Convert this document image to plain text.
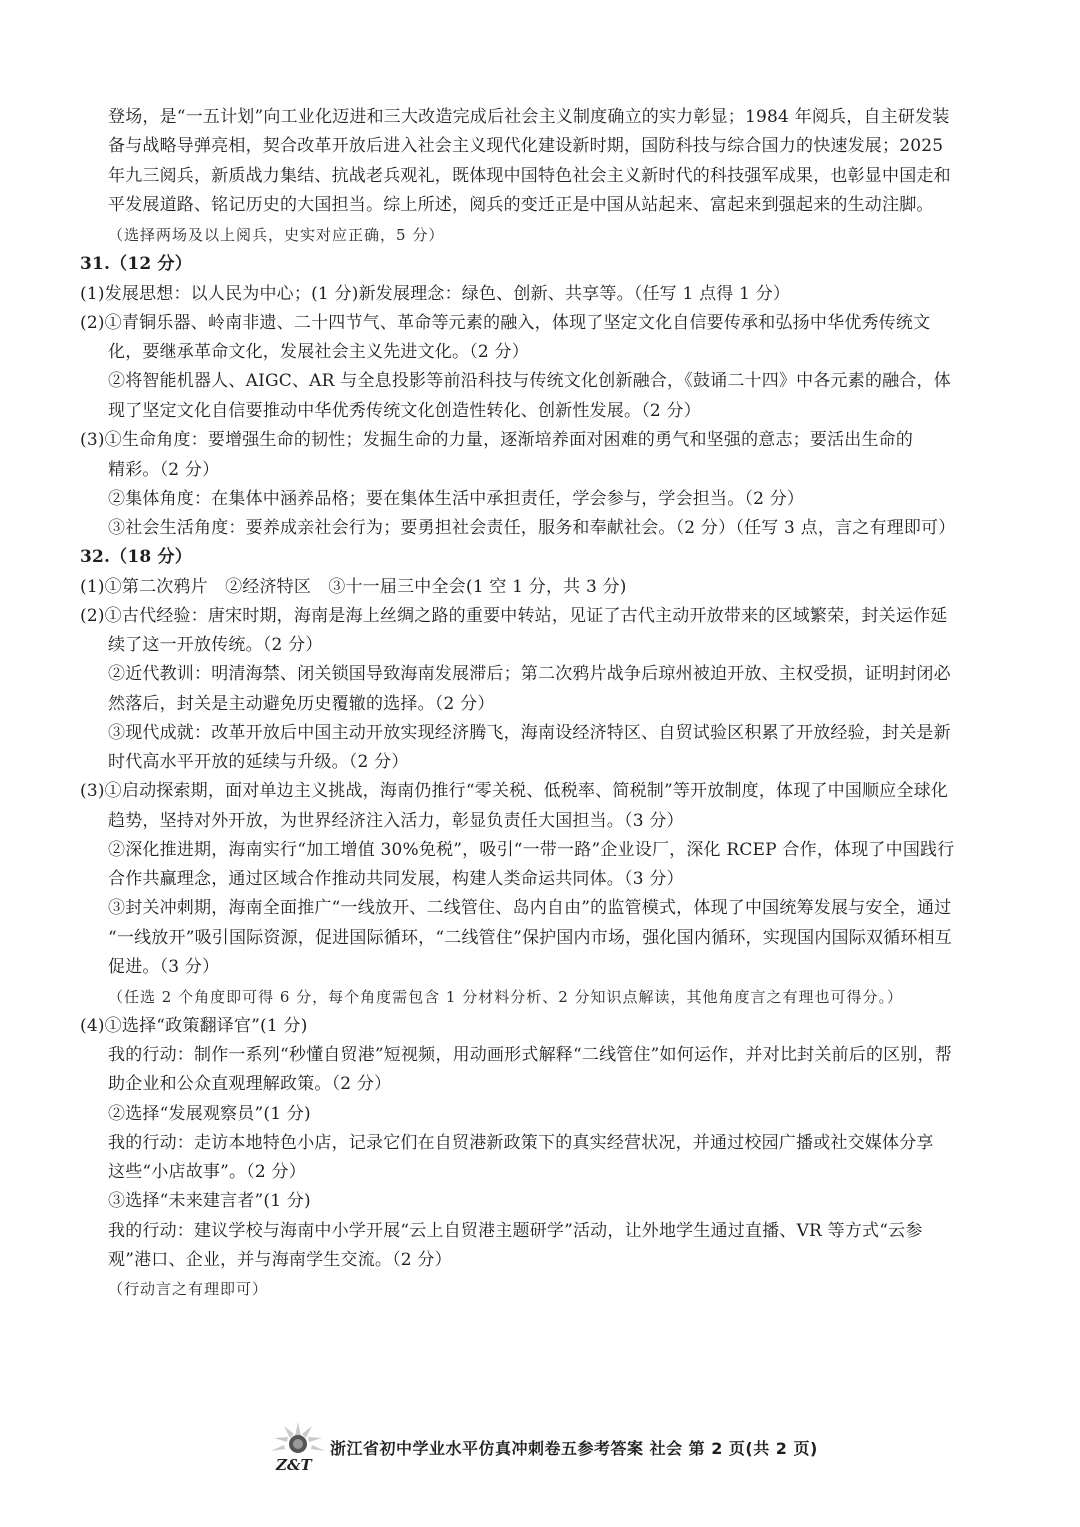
登场，是“一五计划”向工业化迈进和三大改造完成后社会主义制度确立的实力彰显；1984 年阅兵，自主研发装
备与战略导弹亮相，契合改革开放后进入社会主义现代化建设新时期，国防科技与综合国力的快速发展；2025
年九三阅兵，新质战力集结、抗战老兵观礼，既体现中国特色社会主义新时代的科技强军成果，也彰显中国走和
平发展道路、铭记历史的大国担当。综上所述，阅兵的变迁正是中国从站起来、富起来到强起来的生动注脚。
（选择两场及以上阅兵，史实对应正确，5 分）
31.（12 分）
(1)发展思想：以人民为中心；(1 分)新发展理念：绿色、创新、共享等。（任写 1 点得 1 分）
(2)①青铜乐器、岭南非遗、二十四节气、革命等元素的融入，体现了坚定文化自信要传承和弘扬中华优秀传统文
化，要继承革命文化，发展社会主义先进文化。（2 分）
②将智能机器人、AIGC、AR 与全息投影等前沿科技与传统文化创新融合，《鼓诵二十四》中各元素的融合，体
现了坚定文化自信要推动中华优秀传统文化创造性转化、创新性发展。（2 分）
(3)①生命角度：要增强生命的韧性；发掘生命的力量，逐渐培养面对困难的勇气和坚强的意志；要活出生命的
精彩。（2 分）
②集体角度：在集体中涵养品格；要在集体生活中承担责任，学会参与，学会担当。（2 分）
③社会生活角度：要养成亲社会行为；要勇担社会责任，服务和奉献社会。（2 分）（任写 3 点，言之有理即可）
32.（18 分）
(1)①第二次鸦片　②经济特区　③十一届三中全会(1 空 1 分，共 3 分)
(2)①古代经验：唐宋时期，海南是海上丝绸之路的重要中转站，见证了古代主动开放带来的区域繁荣，封关运作延
续了这一开放传统。（2 分）
②近代教训：明清海禁、闭关锁国导致海南发展滞后；第二次鸦片战争后琼州被迫开放、主权受损，证明封闭必
然落后，封关是主动避免历史覆辙的选择。（2 分）
③现代成就：改革开放后中国主动开放实现经济腾飞，海南设经济特区、自贸试验区积累了开放经验，封关是新
时代高水平开放的延续与升级。（2 分）
(3)①启动探索期，面对单边主义挑战，海南仍推行“零关税、低税率、简税制”等开放制度，体现了中国顺应全球化
趋势，坚持对外开放，为世界经济注入活力，彰显负责任大国担当。（3 分）
②深化推进期，海南实行“加工增值 30%免税”，吸引“一带一路”企业设厂，深化 RCEP 合作，体现了中国践行
合作共赢理念，通过区域合作推动共同发展，构建人类命运共同体。（3 分）
③封关冲刺期，海南全面推广“一线放开、二线管住、岛内自由”的监管模式，体现了中国统筹发展与安全，通过
“一线放开”吸引国际资源，促进国际循环，“二线管住”保护国内市场，强化国内循环，实现国内国际双循环相互
促进。（3 分）
（任选 2 个角度即可得 6 分，每个角度需包含 1 分材料分析、2 分知识点解读，其他角度言之有理也可得分。）
(4)①选择“政策翻译官”(1 分)
我的行动：制作一系列“秒懂自贸港”短视频，用动画形式解释“二线管住”如何运作，并对比封关前后的区别，帮
助企业和公众直观理解政策。（2 分）
②选择“发展观察员”(1 分)
我的行动：走访本地特色小店，记录它们在自贸港新政策下的真实经营状况，并通过校园广播或社交媒体分享
这些“小店故事”。（2 分）
③选择“未来建言者”(1 分)
我的行动：建议学校与海南中小学开展“云上自贸港主题研学”活动，让外地学生通过直播、VR 等方式“云参
观”港口、企业，并与海南学生交流。（2 分）
（行动言之有理即可）
Z&T
浙江省初中学业水平仿真冲刺卷五参考答案 社会 第 2 页(共 2 页)
